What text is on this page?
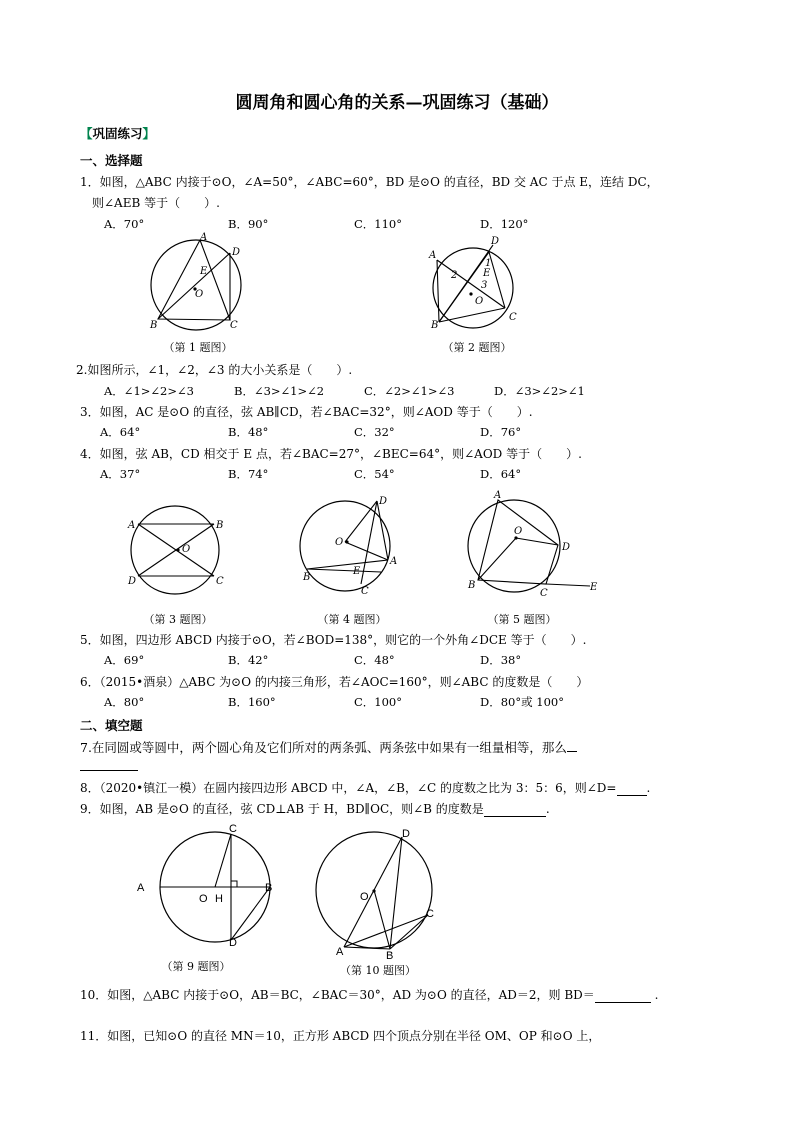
圆周角和圆心角的关系—巩固练习（基础）
【巩固练习】
一、选择题
1．如图，△ABC 内接于⊙O，∠A=50°，∠ABC=60°，BD 是⊙O 的直径，BD 交 AC 于点 E，连结 DC，
则∠AEB 等于（　　）.
A．70°	B．90°	C．110°	D．120°
A
D
E
O
B	C
（第 1 题图）
A
D
E
O
2
1
3
B
C
（第 2 题图）
2.如图所示，∠1，∠2，∠3 的大小关系是（　　）.
A．∠1>∠2>∠3	B．∠3>∠1>∠2	C．∠2>∠1>∠3	D．∠3>∠2>∠1
3．如图，AC 是⊙O 的直径，弦 AB∥CD，若∠BAC=32°，则∠AOD 等于（　　）.
A．64°	B．48°	C．32°	D．76°
4．如图，弦 AB，CD 相交于 E 点，若∠BAC=27°，∠BEC=64°，则∠AOD 等于（　　）.
A．37°	B．74°	C．54°	D．64°
A	B
O
D	C
（第 3 题图）
D
O
A
E
B
C
（第 4 题图）
A
O
D
B
C
E
（第 5 题图）
5．如图，四边形 ABCD 内接于⊙O，若∠BOD=138°，则它的一个外角∠DCE 等于（　　）.
A．69°	B．42°	C．48°	D．38°
6．（2015•酒泉）△ABC 为⊙O 的内接三角形，若∠AOC=160°，则∠ABC 的度数是（　　）
A．80°	B．160°	C．100°	D．80°或 100°
二、填空题
7.在同圆或等圆中，两个圆心角及它们所对的两条弧、两条弦中如果有一组量相等，那么
8．（2020•镇江一模）在圆内接四边形 ABCD 中，∠A，∠B，∠C 的度数之比为 3：5：6，则∠D=	.
9．如图，AB 是⊙O 的直径，弦 CD⊥AB 于 H，BD∥OC，则∠B 的度数是	.
C
A
O H
B
D
（第 9 题图）
D
O
C
A	B
（第 10 题图）
10．如图，△ABC 内接于⊙O，AB＝BC，∠BAC＝30°，AD 为⊙O 的直径，AD＝2，则 BD＝	.
11．如图，已知⊙O 的直径 MN＝10，正方形 ABCD 四个顶点分别在半径 OM、OP 和⊙O 上，
